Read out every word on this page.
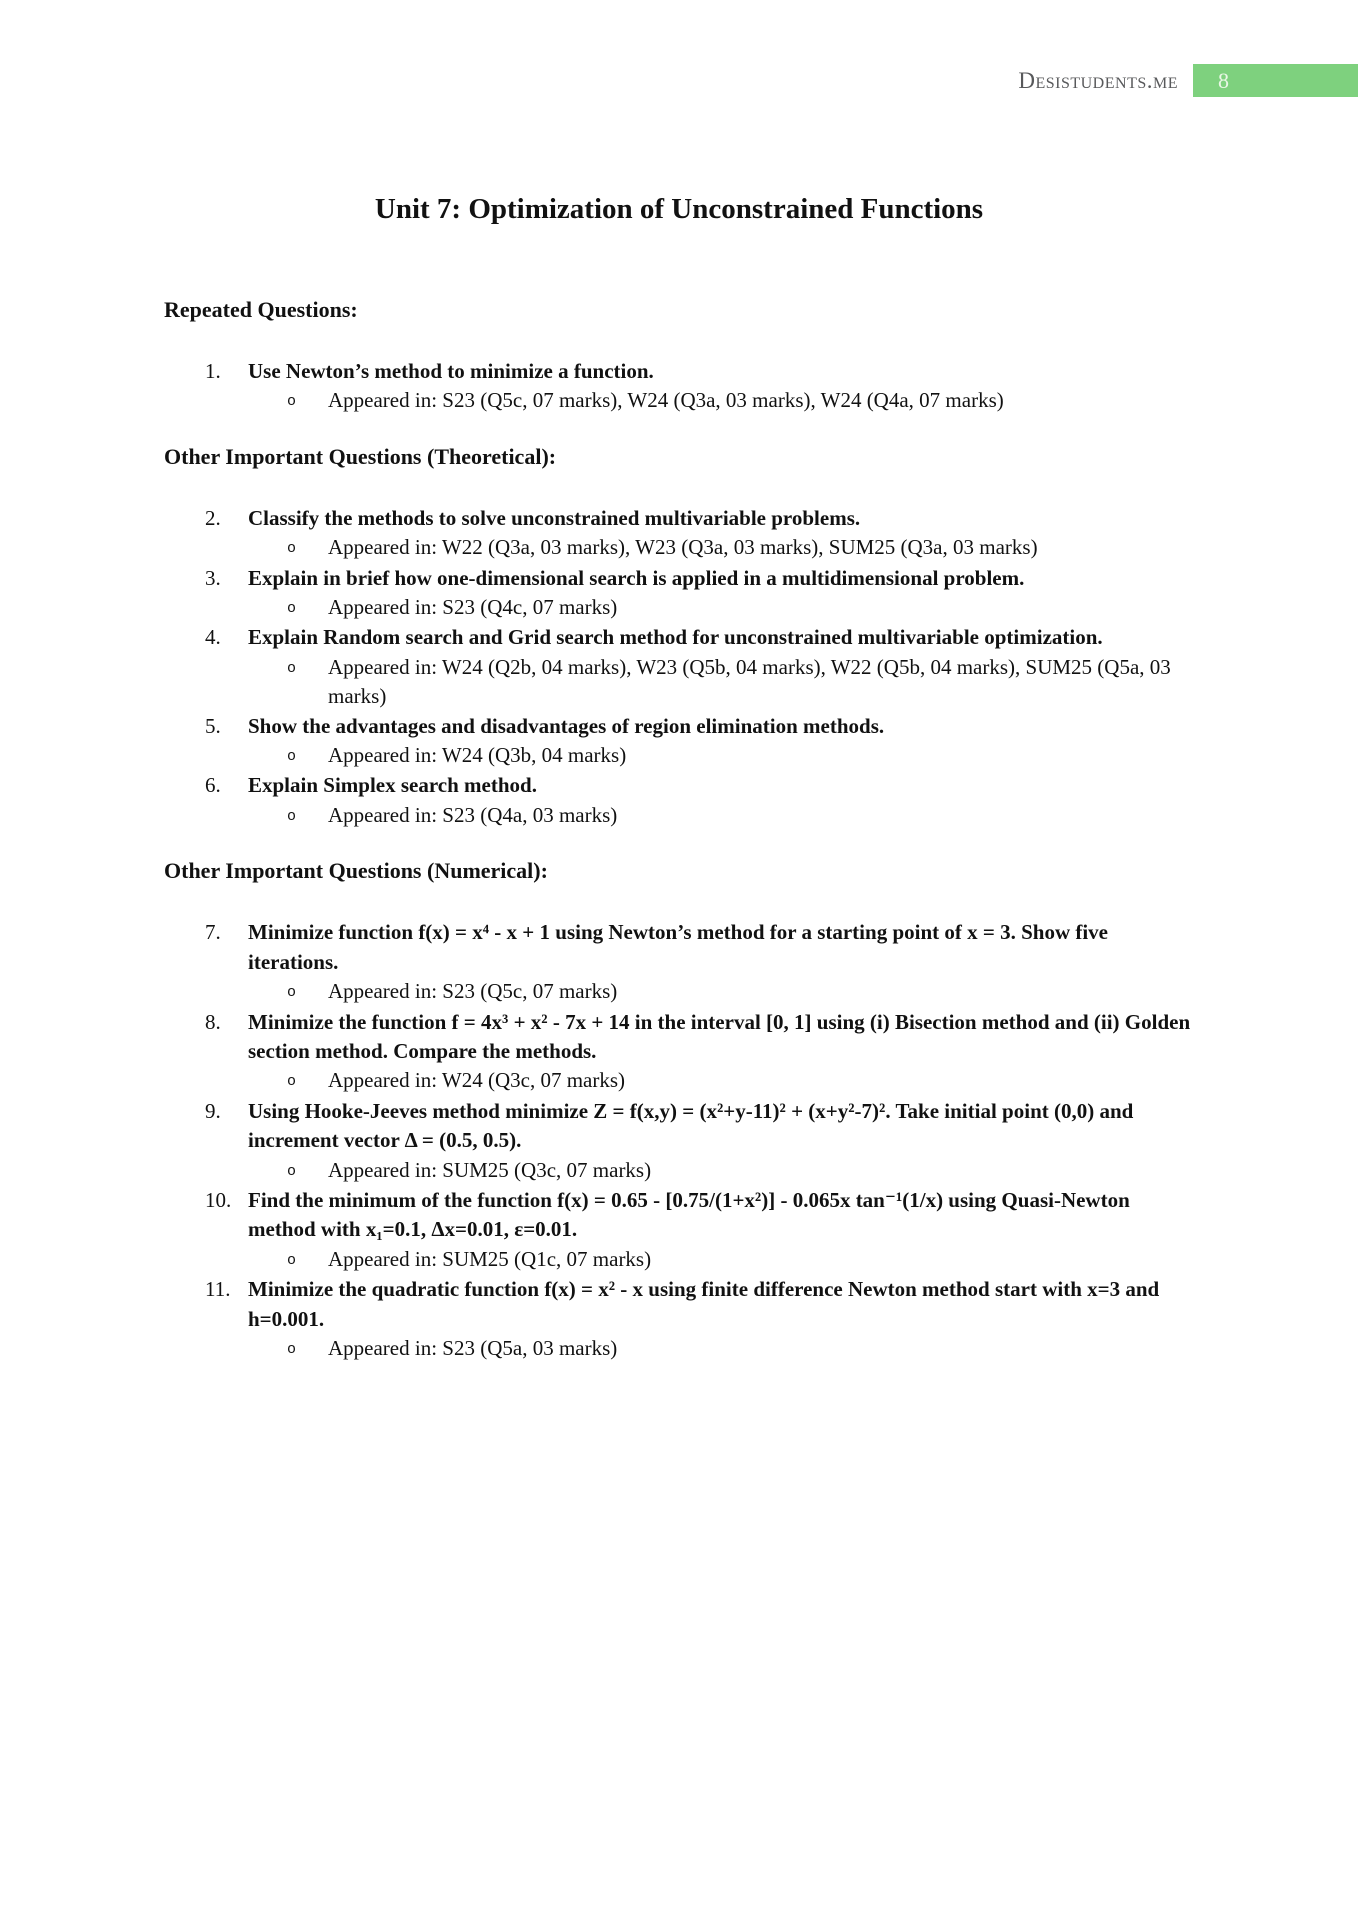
Desistudents.me 8
Unit 7: Optimization of Unconstrained Functions
Repeated Questions:
1.	Use Newton’s method to minimize a function.
o	Appeared in: S23 (Q5c, 07 marks), W24 (Q3a, 03 marks), W24 (Q4a, 07 marks)
Other Important Questions (Theoretical):
2.	Classify the methods to solve unconstrained multivariable problems.
o	Appeared in: W22 (Q3a, 03 marks), W23 (Q3a, 03 marks), SUM25 (Q3a, 03 marks)
3.	Explain in brief how one-dimensional search is applied in a multidimensional problem.
o	Appeared in: S23 (Q4c, 07 marks)
4.	Explain Random search and Grid search method for unconstrained multivariable optimization.
o	Appeared in: W24 (Q2b, 04 marks), W23 (Q5b, 04 marks), W22 (Q5b, 04 marks), SUM25 (Q5a, 03 marks)
5.	Show the advantages and disadvantages of region elimination methods.
o	Appeared in: W24 (Q3b, 04 marks)
6.	Explain Simplex search method.
o	Appeared in: S23 (Q4a, 03 marks)
Other Important Questions (Numerical):
7.	Minimize function f(x) = x⁴ - x + 1 using Newton’s method for a starting point of x = 3. Show five iterations.
o	Appeared in: S23 (Q5c, 07 marks)
8.	Minimize the function f = 4x³ + x² - 7x + 14 in the interval [0, 1] using (i) Bisection method and (ii) Golden section method. Compare the methods.
o	Appeared in: W24 (Q3c, 07 marks)
9.	Using Hooke-Jeeves method minimize Z = f(x,y) = (x²+y-11)² + (x+y²-7)². Take initial point (0,0) and increment vector Δ = (0.5, 0.5).
o	Appeared in: SUM25 (Q3c, 07 marks)
10. Find the minimum of the function f(x) = 0.65 - [0.75/(1+x²)] - 0.065x tan⁻¹(1/x) using Quasi-Newton method with x₁=0.1, Δx=0.01, ε=0.01.
o	Appeared in: SUM25 (Q1c, 07 marks)
11. Minimize the quadratic function f(x) = x² - x using finite difference Newton method start with x=3 and h=0.001.
o	Appeared in: S23 (Q5a, 03 marks)
